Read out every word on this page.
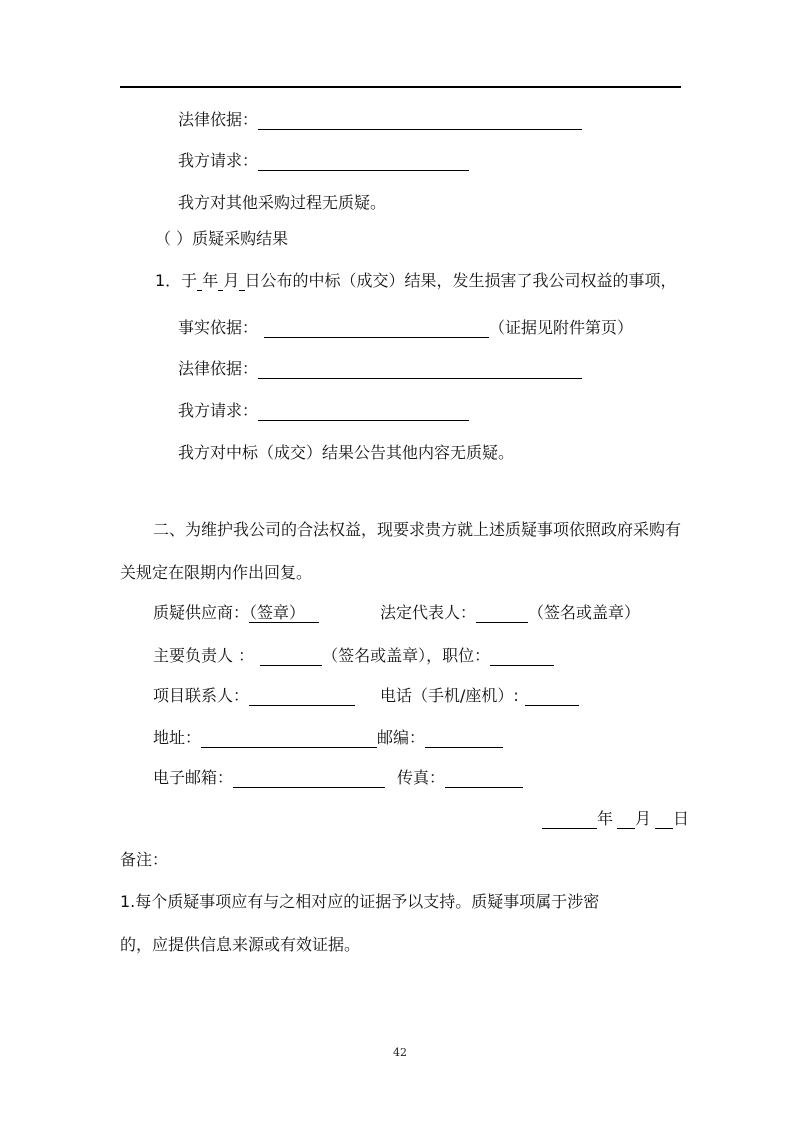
法律依据：
我方请求：
我方对其他采购过程无质疑。
（ ）质疑采购结果
1．于 年 月 日公布的中标（成交）结果，发生损害了我公司权益的事项，
事实依据：	（证据见附件第页）
法律依据：
我方请求：
我方对中标（成交）结果公告其他内容无质疑。
二、为维护我公司的合法权益，现要求贵方就上述质疑事项依照政府采购有
关规定在限期内作出回复。
质疑供应商：（签章）	法定代表人：	（签名或盖章）
主要负责人 ：	（签名或盖章），职位：
项目联系人：	电话（手机/座机）:
地址：	邮编：
电子邮箱：	传真：
年 月 日
备注：
1.每个质疑事项应有与之相对应的证据予以支持。质疑事项属于涉密
的，应提供信息来源或有效证据。
42
